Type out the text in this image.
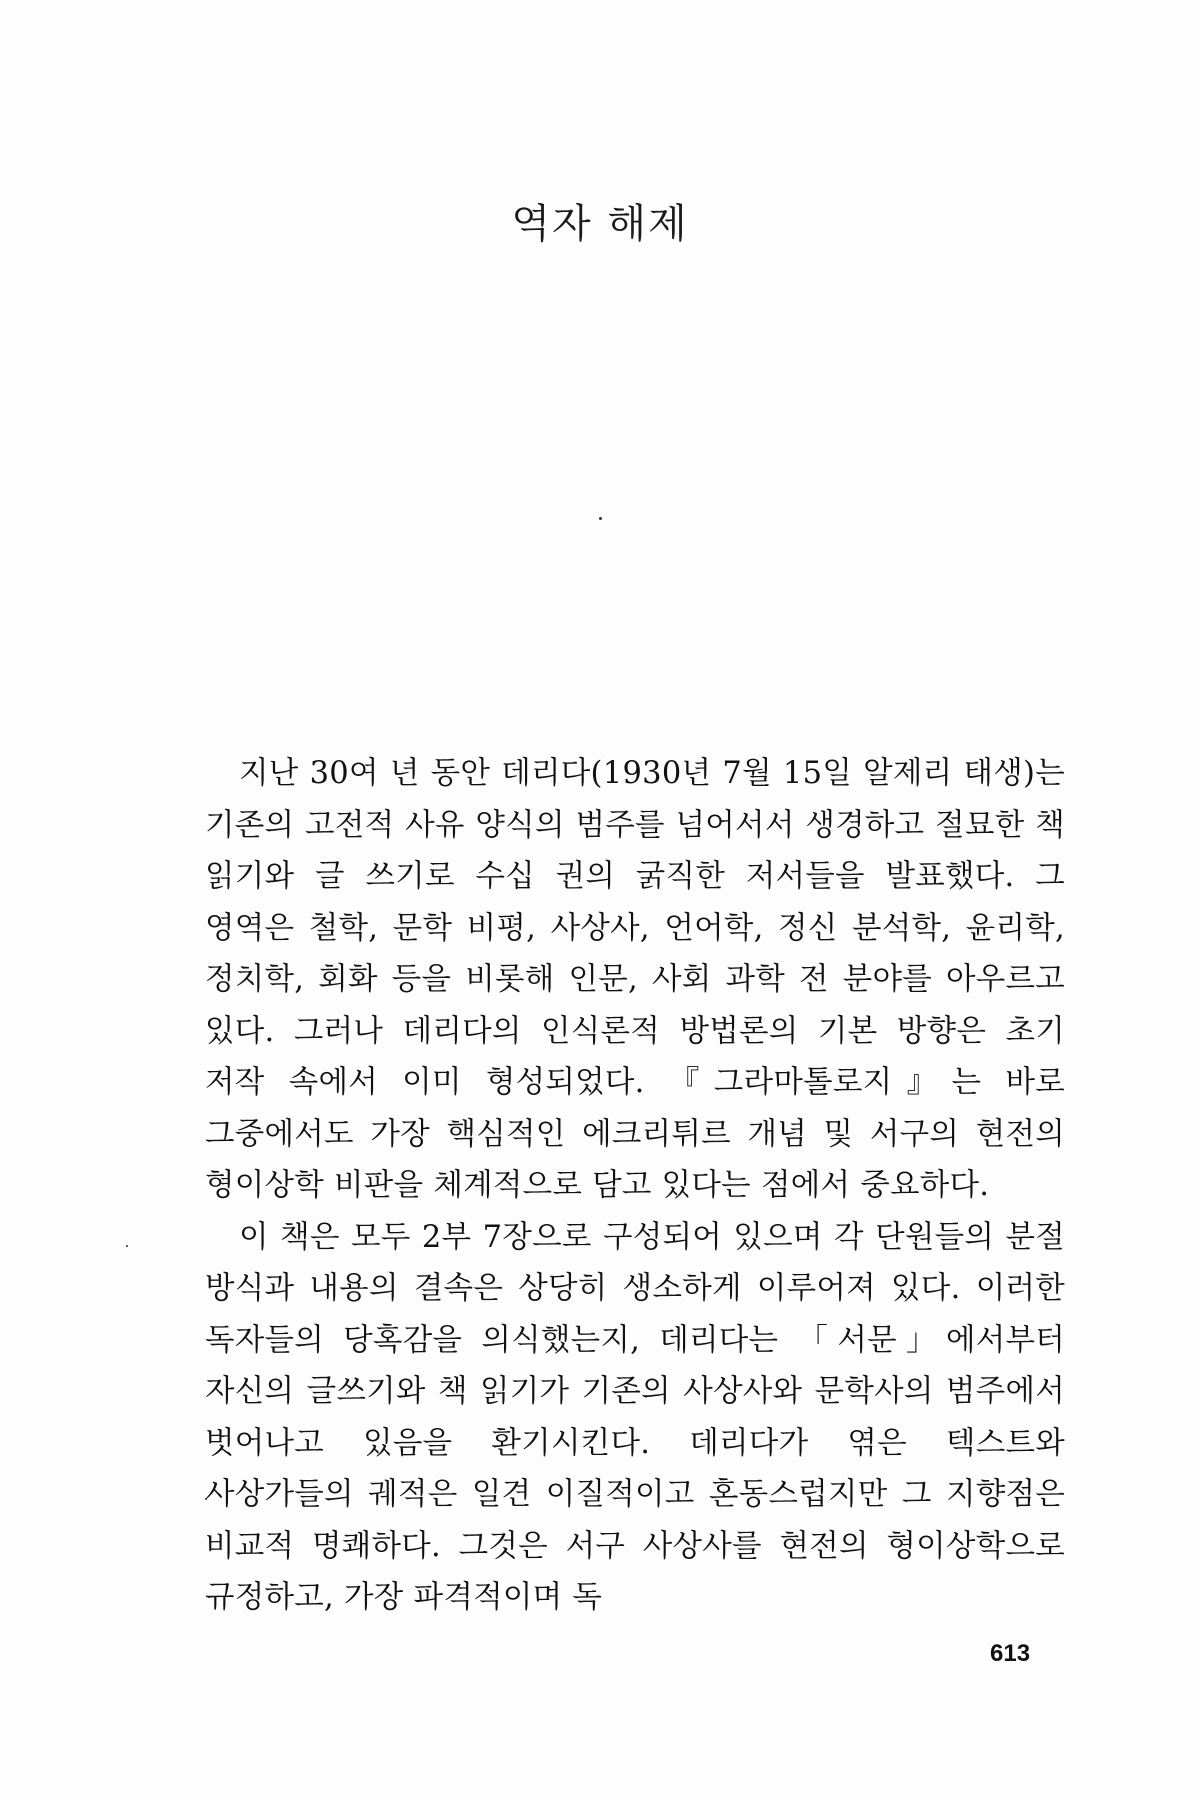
역자 해제

지난 30여 년 동안 데리다(1930년 7월 15일 알제리 태생)는 기존의 고전적 사유 양식의 범주를 넘어서서 생경하고 절묘한 책 읽기와 글 쓰기로 수십 권의 굵직한 저서들을 발표했다. 그 영역은 철학, 문학 비평, 사상사, 언어학, 정신 분석학, 윤리학, 정치학, 회화 등을 비롯해 인문, 사회 과학 전 분야를 아우르고 있다. 그러나 데리다의 인식론적 방법론의 기본 방향은 초기 저작 속에서 이미 형성되었다. 『그라마톨로지』는 바로 그중에서도 가장 핵심적인 에크리튀르 개념 및 서구의 현전의 형이상학 비판을 체계적으로 담고 있다는 점에서 중요하다.

이 책은 모두 2부 7장으로 구성되어 있으며 각 단원들의 분절 방식과 내용의 결속은 상당히 생소하게 이루어져 있다. 이러한 독자들의 당혹감을 의식했는지, 데리다는 「서문」에서부터 자신의 글쓰기와 책 읽기가 기존의 사상사와 문학사의 범주에서 벗어나고 있음을 환기시킨다. 데리다가 엮은 텍스트와 사상가들의 궤적은 일견 이질적이고 혼동스럽지만 그 지향점은 비교적 명쾌하다. 그것은 서구 사상사를 현전의 형이상학으로 규정하고, 가장 파격적이며 독

613
